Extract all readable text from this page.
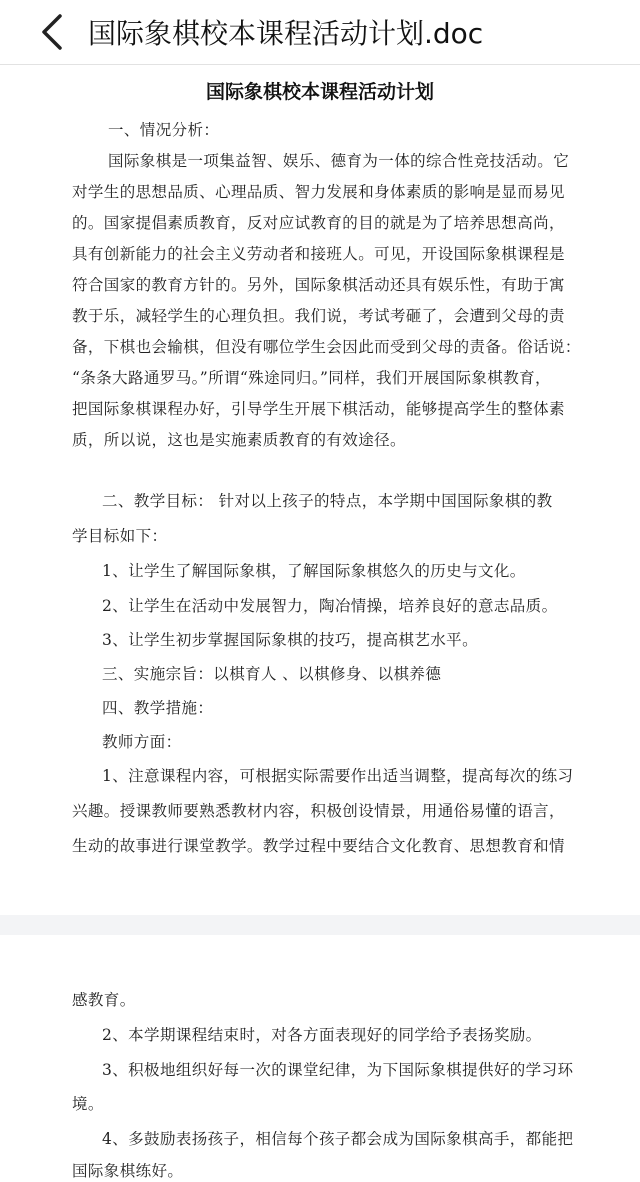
国际象棋校本课程活动计划.doc
国际象棋校本课程活动计划
一、情况分析：
国际象棋是一项集益智、娱乐、德育为一体的综合性竞技活动。它
对学生的思想品质、心理品质、智力发展和身体素质的影响是显而易见
的。国家提倡素质教育，反对应试教育的目的就是为了培养思想高尚，
具有创新能力的社会主义劳动者和接班人。可见，开设国际象棋课程是
符合国家的教育方针的。另外，国际象棋活动还具有娱乐性，有助于寓
教于乐，减轻学生的心理负担。我们说，考试考砸了，会遭到父母的责
备，下棋也会输棋，但没有哪位学生会因此而受到父母的责备。俗话说：
“条条大路通罗马。”所谓“殊途同归。”同样，我们开展国际象棋教育，
把国际象棋课程办好，引导学生开展下棋活动，能够提高学生的整体素
质，所以说，这也是实施素质教育的有效途径。
二、教学目标： 针对以上孩子的特点，本学期中国国际象棋的教
学目标如下：
1、让学生了解国际象棋，了解国际象棋悠久的历史与文化。
2、让学生在活动中发展智力，陶冶情操，培养良好的意志品质。
3、让学生初步掌握国际象棋的技巧，提高棋艺水平。
三、实施宗旨：以棋育人 、以棋修身、以棋养德
四、教学措施：
教师方面：
1、注意课程内容，可根据实际需要作出适当调整，提高每次的练习
兴趣。授课教师要熟悉教材内容，积极创设情景，用通俗易懂的语言，
生动的故事进行课堂教学。教学过程中要结合文化教育、思想教育和情
感教育。
2、本学期课程结束时，对各方面表现好的同学给予表扬奖励。
3、积极地组织好每一次的课堂纪律，为下国际象棋提供好的学习环
境。
4、多鼓励表扬孩子，相信每个孩子都会成为国际象棋高手，都能把
国际象棋练好。
